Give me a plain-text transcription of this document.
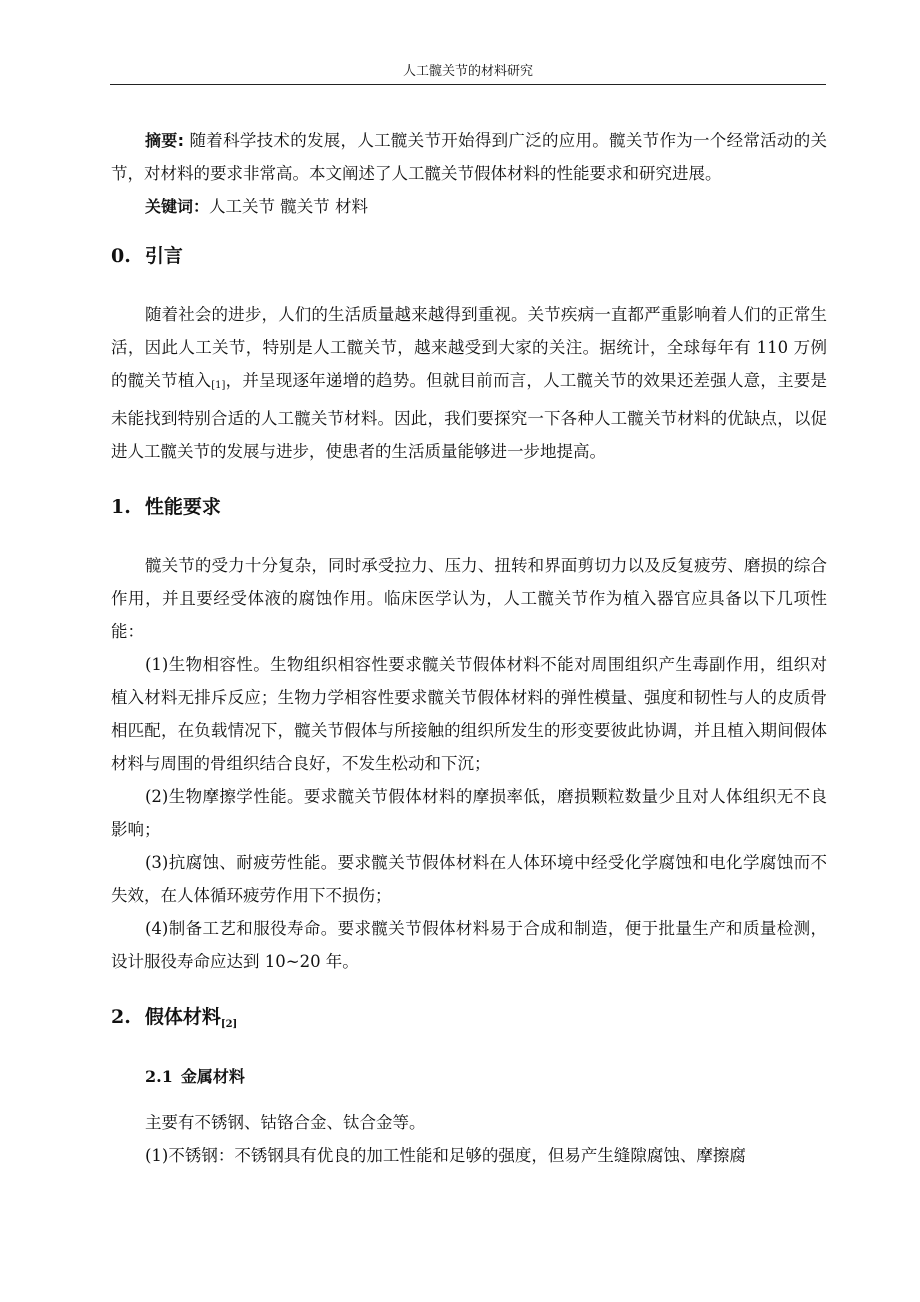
人工髋关节的材料研究

摘要: 随着科学技术的发展，人工髋关节开始得到广泛的应用。髋关节作为一个经常活动的关节，对材料的要求非常高。本文阐述了人工髋关节假体材料的性能要求和研究进展。

关键词：人工关节 髋关节 材料

0. 引言

随着社会的进步，人们的生活质量越来越得到重视。关节疾病一直都严重影响着人们的正常生活，因此人工关节，特别是人工髋关节，越来越受到大家的关注。据统计，全球每年有 110 万例的髋关节植入[1]，并呈现逐年递增的趋势。但就目前而言，人工髋关节的效果还差强人意，主要是未能找到特别合适的人工髋关节材料。因此，我们要探究一下各种人工髋关节材料的优缺点，以促进人工髋关节的发展与进步，使患者的生活质量能够进一步地提高。

1. 性能要求

髋关节的受力十分复杂，同时承受拉力、压力、扭转和界面剪切力以及反复疲劳、磨损的综合作用，并且要经受体液的腐蚀作用。临床医学认为，人工髋关节作为植入器官应具备以下几项性能：

(1)生物相容性。生物组织相容性要求髋关节假体材料不能对周围组织产生毒副作用，组织对植入材料无排斥反应；生物力学相容性要求髋关节假体材料的弹性模量、强度和韧性与人的皮质骨相匹配，在负载情况下，髋关节假体与所接触的组织所发生的形变要彼此协调，并且植入期间假体材料与周围的骨组织结合良好，不发生松动和下沉；

(2)生物摩擦学性能。要求髋关节假体材料的摩损率低，磨损颗粒数量少且对人体组织无不良影响；

(3)抗腐蚀、耐疲劳性能。要求髋关节假体材料在人体环境中经受化学腐蚀和电化学腐蚀而不失效，在人体循环疲劳作用下不损伤；

(4)制备工艺和服役寿命。要求髋关节假体材料易于合成和制造，便于批量生产和质量检测，设计服役寿命应达到 10~20 年。

2. 假体材料$_{[2]}$
2.1 金属材料

主要有不锈钢、钴铬合金、钛合金等。

(1)不锈钢：不锈钢具有优良的加工性能和足够的强度，但易产生缝隙腐蚀、摩擦腐
